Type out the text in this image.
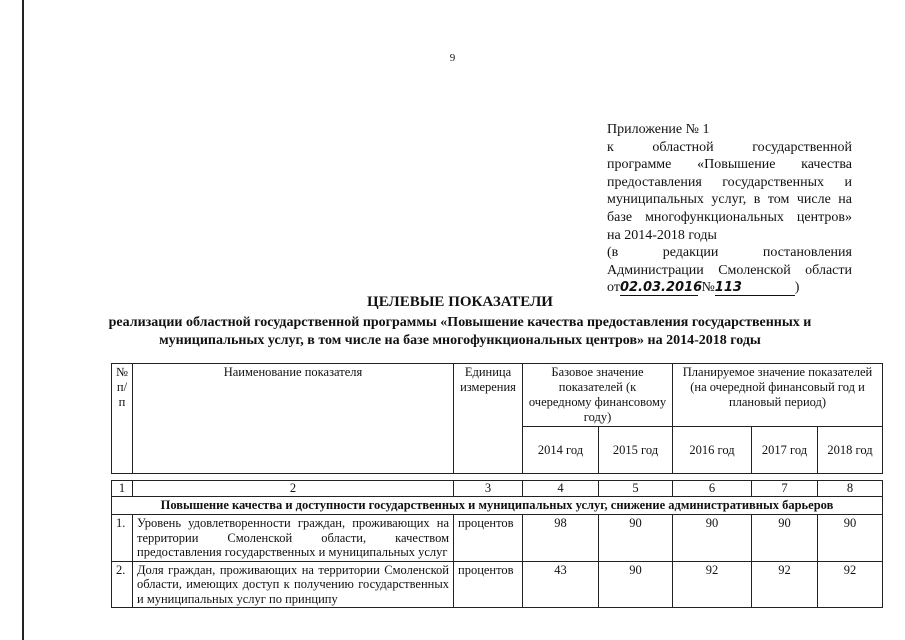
9
Приложение № 1
к областной государственной
программе «Повышение качества
предоставления государственных и
муниципальных услуг, в том числе на
базе многофункциональных центров»
на 2014-2018 годы
(в редакции постановления
Администрации Смоленской области
от02.03.2016 №113	)
ЦЕЛЕВЫЕ ПОКАЗАТЕЛИ
реализации областной государственной программы «Повышение качества предоставления государственных и
муниципальных услуг, в том числе на базе многофункциональных центров» на 2014-2018 годы
№ п/п	Наименование показателя	Единица измерения	Базовое значение показателей (к очередному финансовому году)		Планируемое значение показателей (на очередной финансовый год и плановый период)		
			2014 год	2015 год	2016 год	2017 год	2018 год

1	2	3	4	5	6	7	8
Повышение качества и доступности государственных и муниципальных услуг, снижение административных барьеров							
1.	Уровень удовлетворенности граждан, проживающих на территории Смоленской области, качеством предоставления государственных и муниципальных услуг	процентов	98	90	90	90	90
2.	Доля граждан, проживающих на территории Смоленской области, имеющих доступ к получению государственных и муниципальных услуг по принципу	процентов	43	90	92	92	92
